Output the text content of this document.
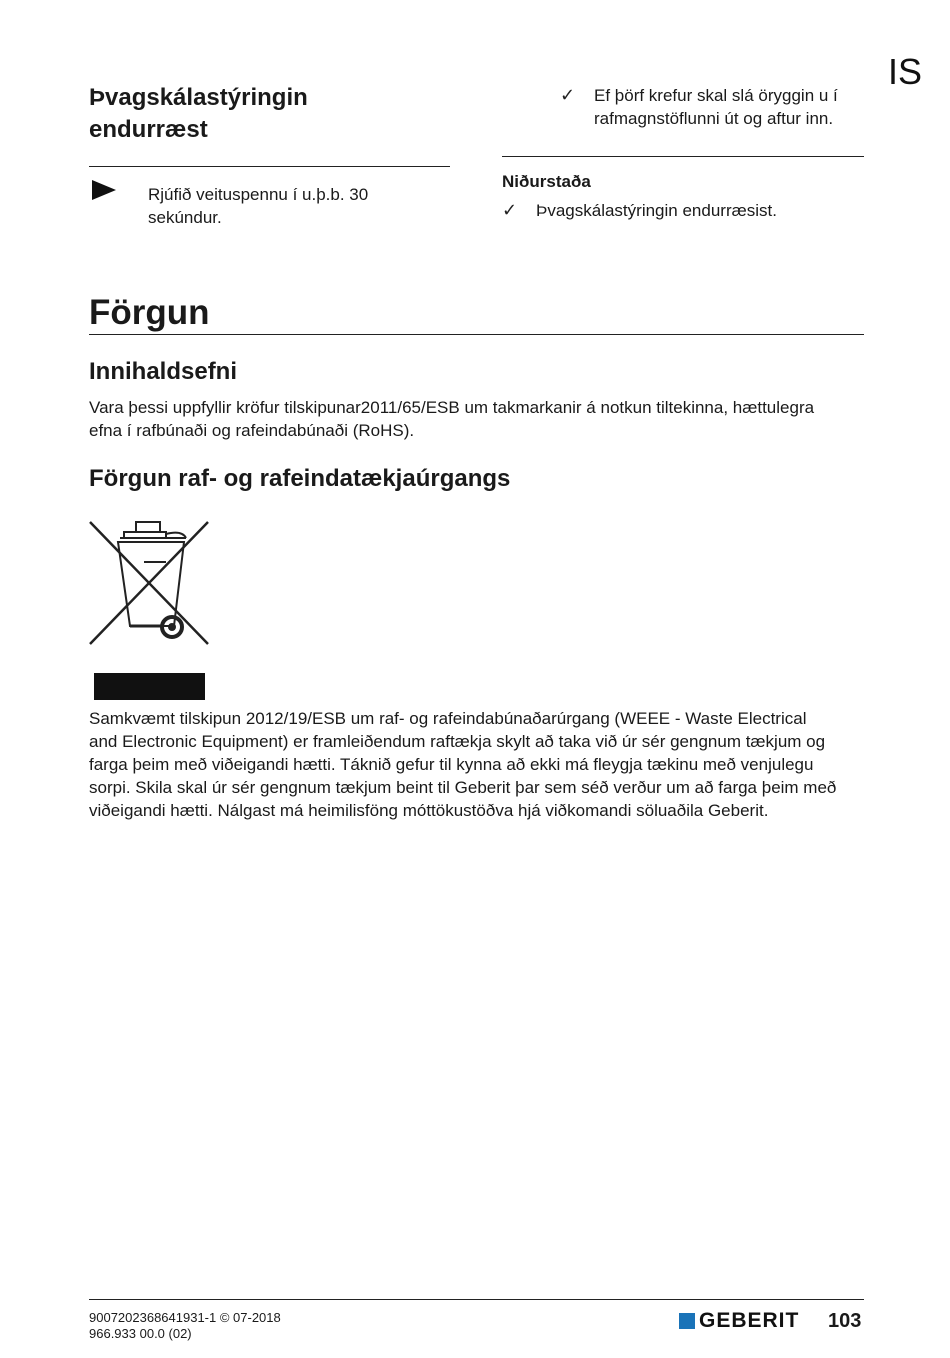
IS
Þvagskálastýringin
endurræst
Rjúfið veituspennu í u.þ.b. 30 sekúndur.
✓ Ef þörf krefur skal slá öryggin u í rafmagnstöflunni út og aftur inn.
Niðurstaða
✓ Þvagskálastýringin endurræsist.
Förgun
Innihaldsefni
Vara þessi uppfyllir kröfur tilskipunar2011/65/ESB um takmarkanir á notkun tiltekinna, hættulegra efna í rafbúnaði og rafeindabúnaði (RoHS).
Förgun raf- og rafeindatækjaúrgangs
Samkvæmt tilskipun 2012/19/ESB um raf- og rafeindabúnaðarúrgang (WEEE - Waste Electrical and Electronic Equipment) er framleiðendum raftækja skylt að taka við úr sér gengnum tækjum og farga þeim með viðeigandi hætti. Táknið gefur til kynna að ekki má fleygja tækinu með venjulegu sorpi. Skila skal úr sér gengnum tækjum beint til Geberit þar sem séð verður um að farga þeim með viðeigandi hætti. Nálgast má heimilisföng móttökustöðva hjá viðkomandi söluaðila Geberit.
9007202368641931-1 © 07-2018
966.933 00.0 (02)
GEBERIT 103
